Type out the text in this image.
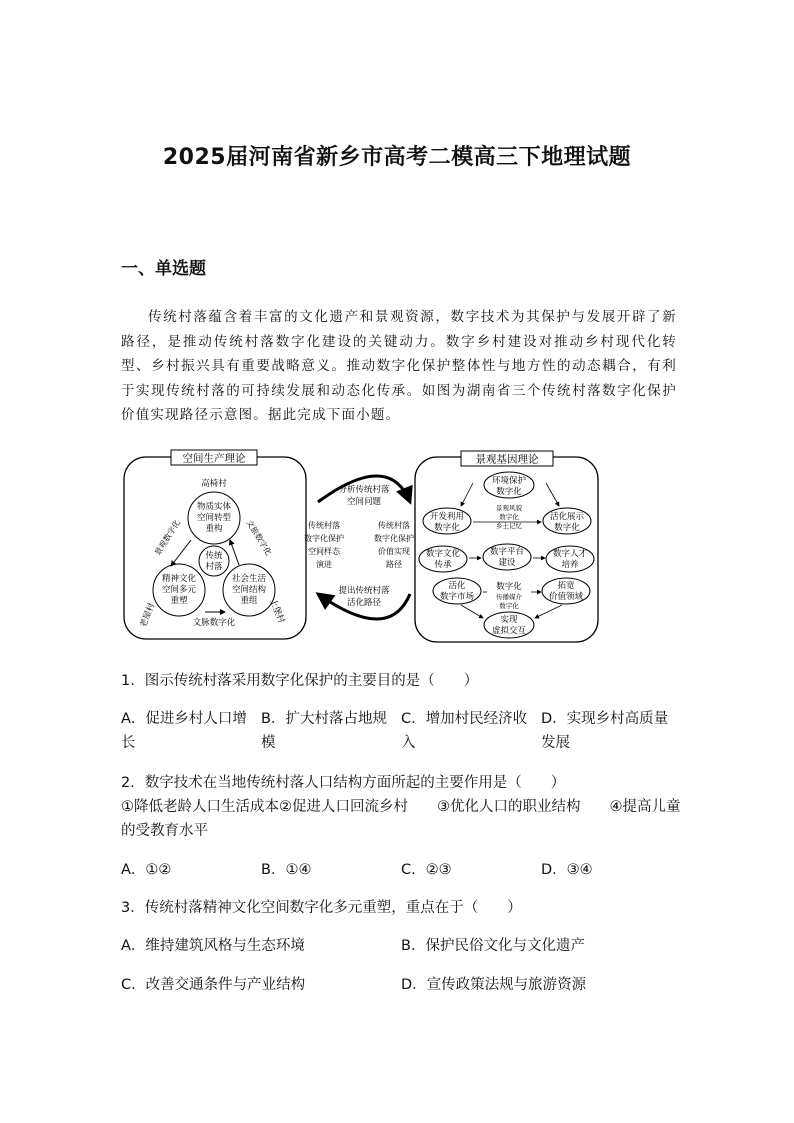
2025届河南省新乡市高考二模高三下地理试题
一、单选题
传统村落蕴含着丰富的文化遗产和景观资源，数字技术为其保护与发展开辟了新路径，是推动传统村落数字化建设的关键动力。数字乡村建设对推动乡村现代化转型、乡村振兴具有重要战略意义。推动数字化保护整体性与地方性的动态耦合，有利于实现传统村落的可持续发展和动态化传承。如图为湖南省三个传统村落数字化保护价值实现路径示意图。据此完成下面小题。
空间生产理论
高椅村
物质实体
空间转型
重构
传统
村落
精神文化
空间多元
重塑
社会生活
空间结构
重组
景观数字化	文旅数字化
文脉数字化
老屋村	上堡村
分析传统村落
空间问题
传统村落
数字化保护
空间样态
演进
传统村落
数字化保护
价值实现
路径
提出传统村落
活化路径
景观基因理论
环境保护
数字化
开发利用
数字化
活化展示
数字化
景观风貌
数字化
乡土记忆
数字文化
传承
数字平台
建设
数字人才
培养
活化
数字市场
数字化
传播媒介
数字化
拓宽
价值领域
实现
虚拟交互
1．图示传统村落采用数字化保护的主要目的是（　　）
A．促进乡村人口增长
B．扩大村落占地规模
C．增加村民经济收入
D．实现乡村高质量发展
2．数字技术在当地传统村落人口结构方面所起的主要作用是（　　）
①降低老龄人口生活成本②促进人口回流乡村　　③优化人口的职业结构　　④提高儿童的受教育水平
A．①②	B．①④	C．②③	D．③④
3．传统村落精神文化空间数字化多元重塑，重点在于（　　）
A．维持建筑风格与生态环境	B．保护民俗文化与文化遗产
C．改善交通条件与产业结构	D．宣传政策法规与旅游资源
